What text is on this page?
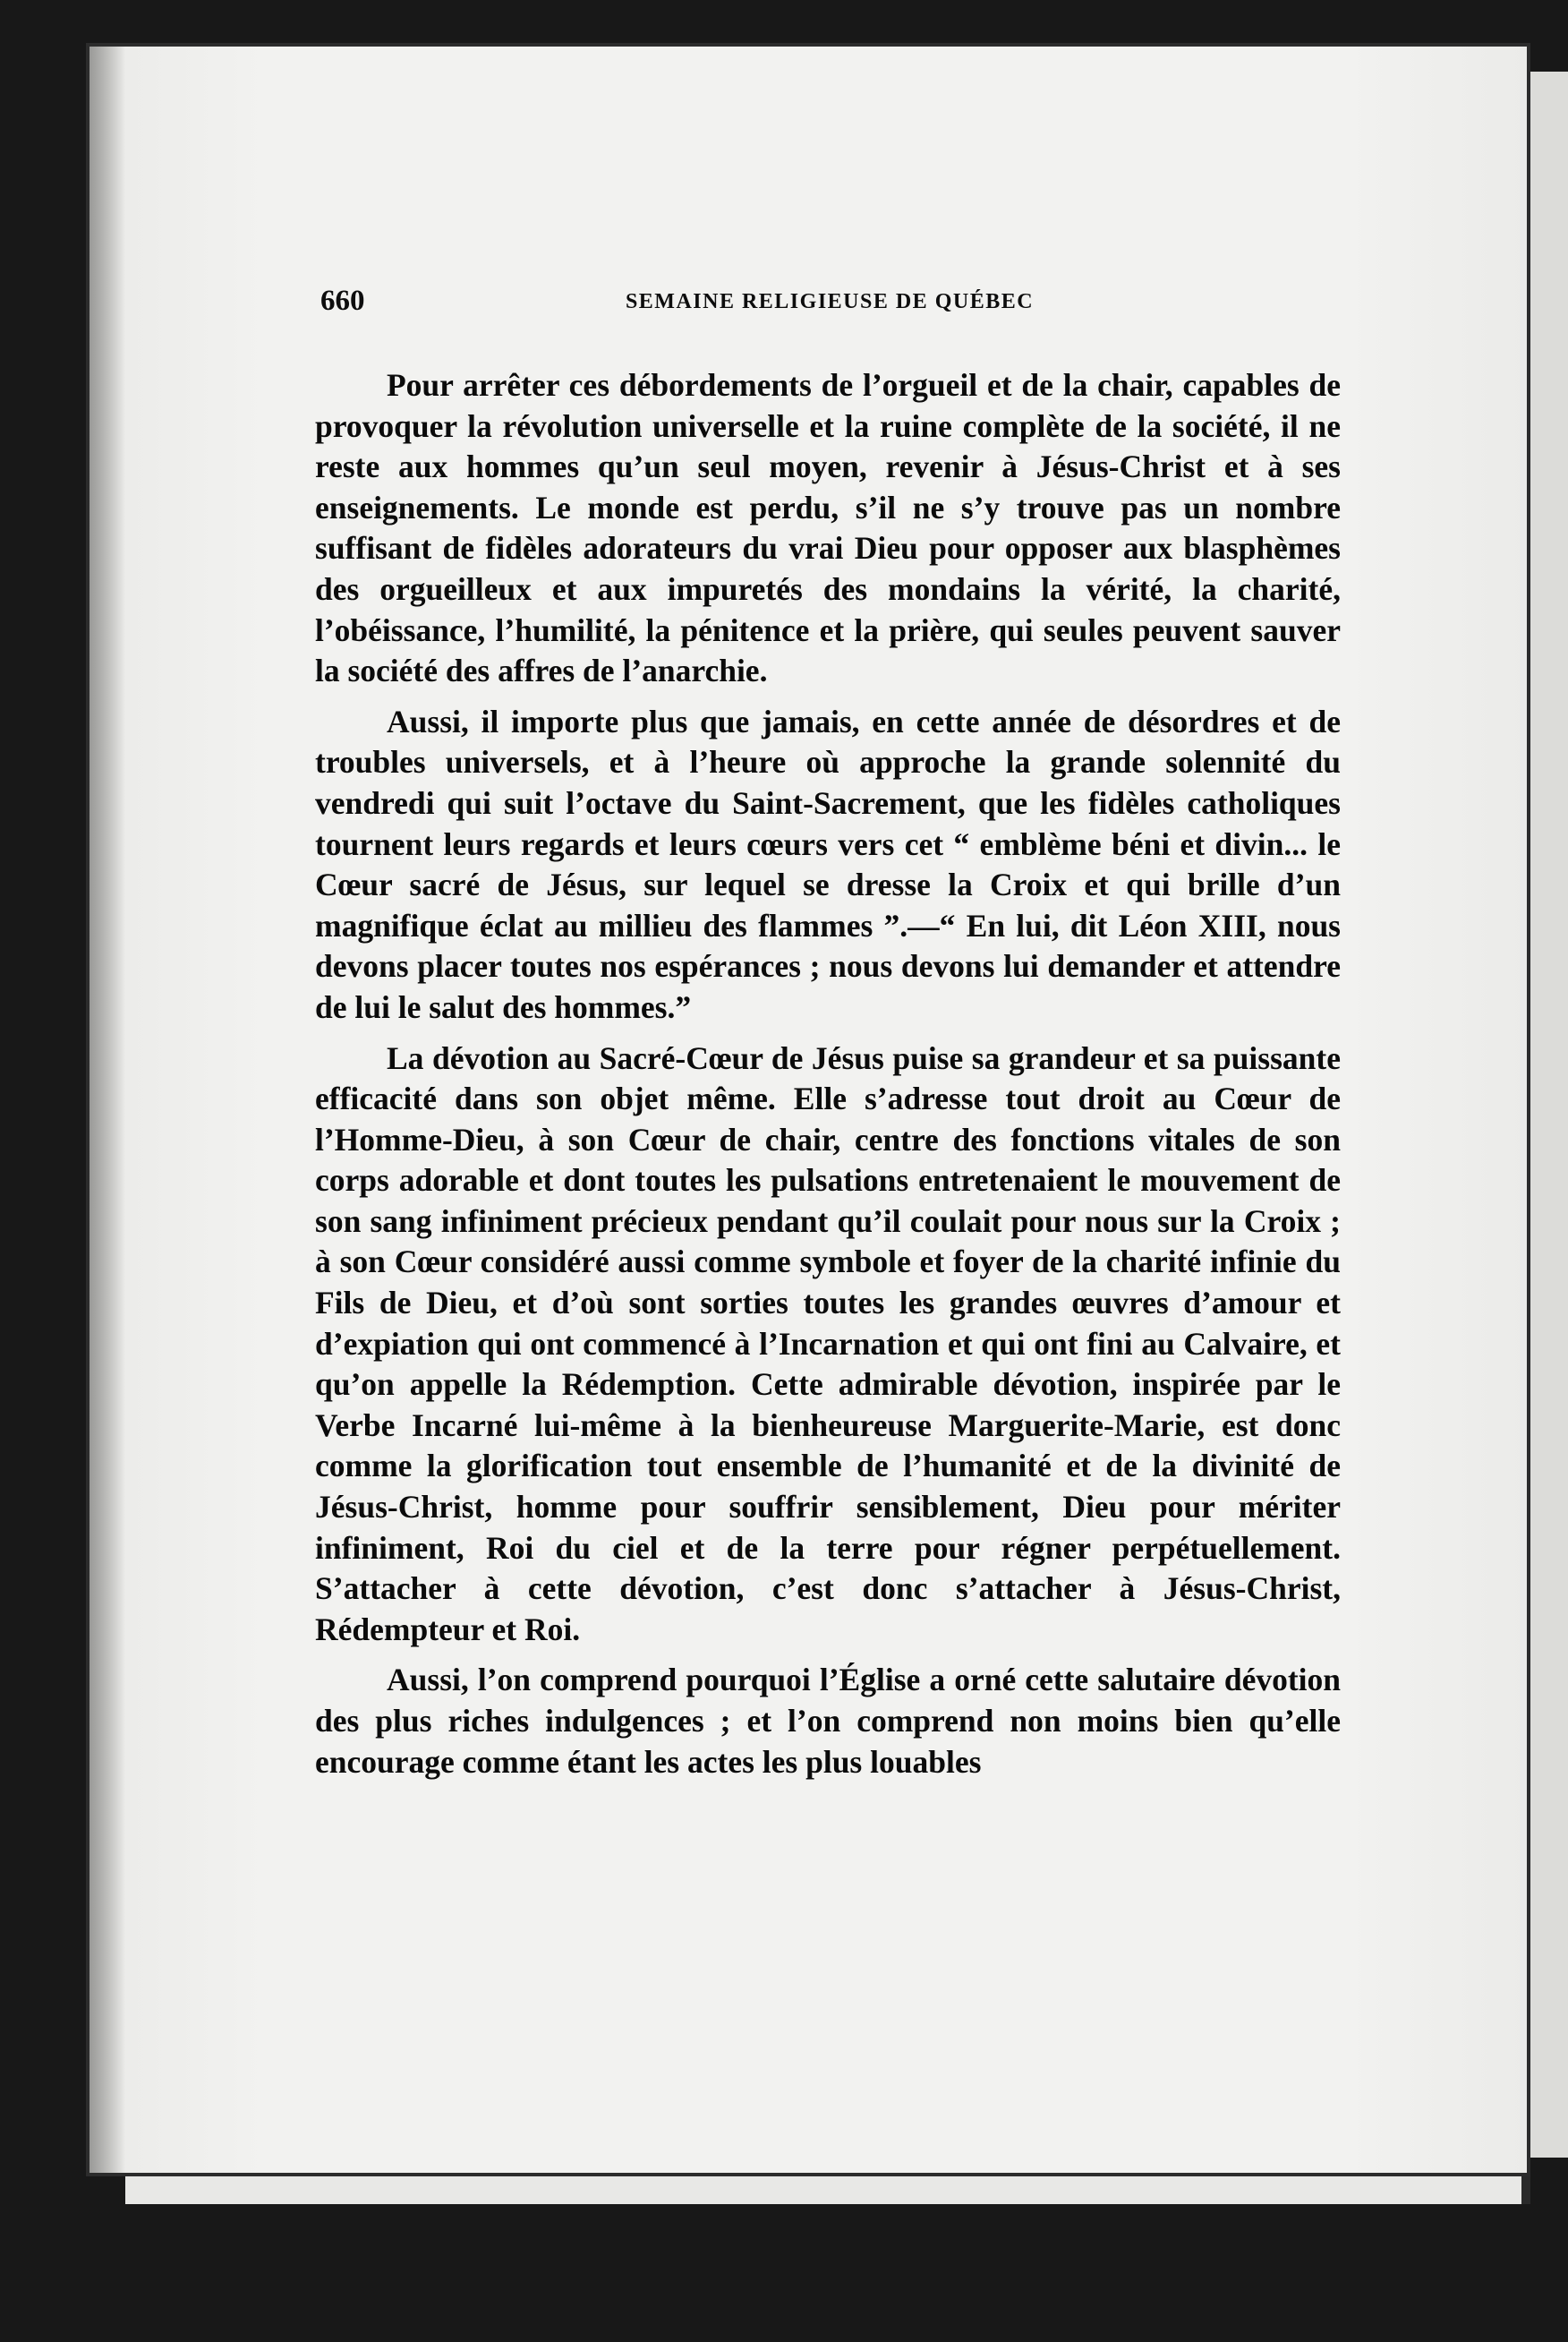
660	SEMAINE RELIGIEUSE DE QUÉBEC

Pour arrêter ces débordements de l’orgueil et de la chair, capables de provoquer la révolution universelle et la ruine complète de la société, il ne reste aux hommes qu’un seul moyen, revenir à Jésus-Christ et à ses enseignements. Le monde est perdu, s’il ne s’y trouve pas un nombre suffisant de fidèles adorateurs du vrai Dieu pour opposer aux blasphèmes des orgueilleux et aux impuretés des mondains la vérité, la charité, l’obéissance, l’humilité, la pénitence et la prière, qui seules peuvent sauver la société des affres de l’anarchie.

Aussi, il importe plus que jamais, en cette année de désordres et de troubles universels, et à l’heure où approche la grande solennité du vendredi qui suit l’octave du Saint-Sacrement, que les fidèles catholiques tournent leurs regards et leurs cœurs vers cet “ emblème béni et divin... le Cœur sacré de Jésus, sur lequel se dresse la Croix et qui brille d’un magnifique éclat au millieu des flammes ”.—“ En lui, dit Léon XIII, nous devons placer toutes nos espérances ; nous devons lui demander et attendre de lui le salut des hommes.”

La dévotion au Sacré-Cœur de Jésus puise sa grandeur et sa puissante efficacité dans son objet même. Elle s’adresse tout droit au Cœur de l’Homme-Dieu, à son Cœur de chair, centre des fonctions vitales de son corps adorable et dont toutes les pulsations entretenaient le mouvement de son sang infiniment précieux pendant qu’il coulait pour nous sur la Croix ; à son Cœur considéré aussi comme symbole et foyer de la charité infinie du Fils de Dieu, et d’où sont sorties toutes les grandes œuvres d’amour et d’expiation qui ont commencé à l’Incarnation et qui ont fini au Calvaire, et qu’on appelle la Rédemption. Cette admirable dévotion, inspirée par le Verbe Incarné lui-même à la bienheureuse Marguerite-Marie, est donc comme la glorification tout ensemble de l’humanité et de la divinité de Jésus-Christ, homme pour souffrir sensiblement, Dieu pour mériter infiniment, Roi du ciel et de la terre pour régner perpétuellement. S’attacher à cette dévotion, c’est donc s’attacher à Jésus-Christ, Rédempteur et Roi.

Aussi, l’on comprend pourquoi l’Église a orné cette salutaire dévotion des plus riches indulgences ; et l’on comprend non moins bien qu’elle encourage comme étant les actes les plus louables
